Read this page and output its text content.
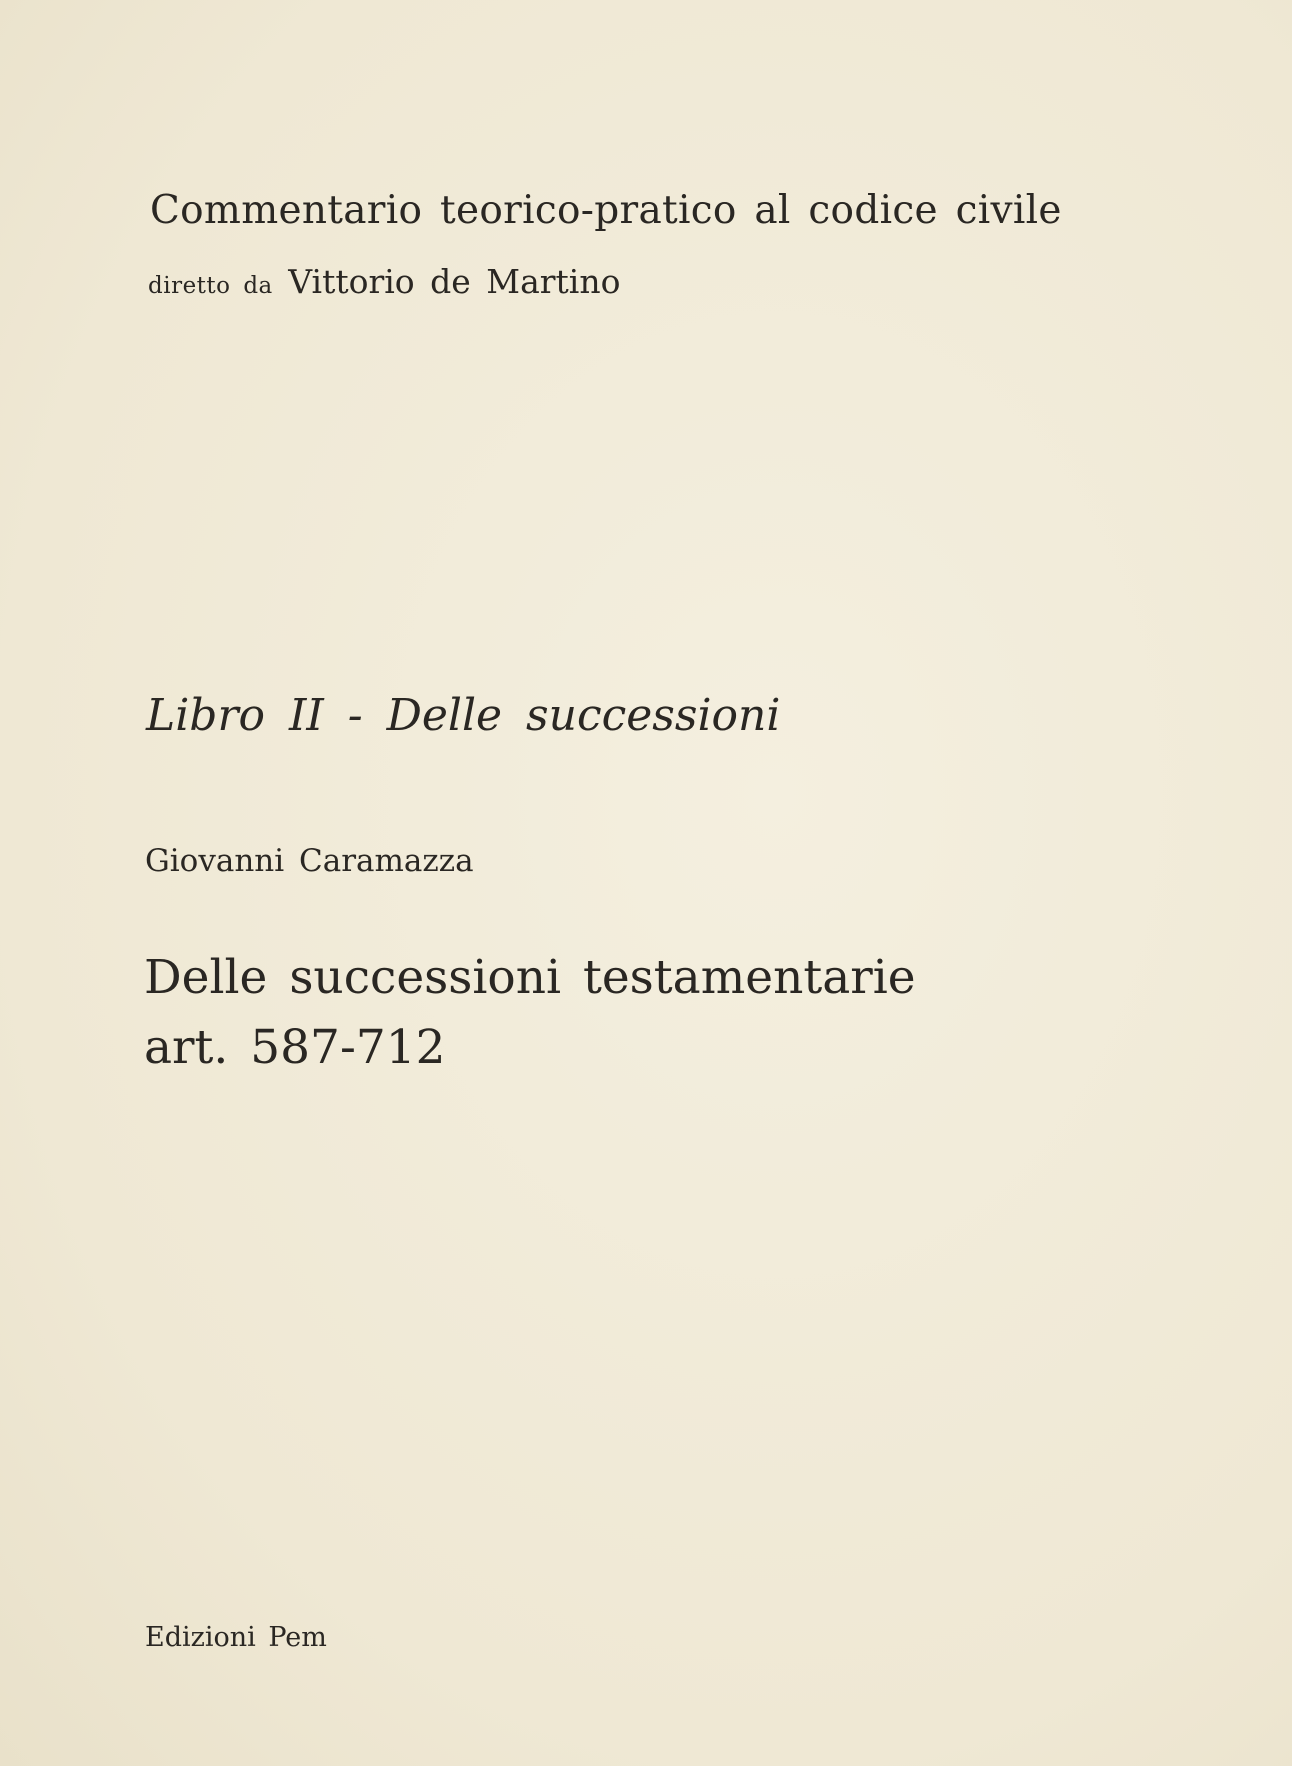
Commentario teorico-pratico al codice civile

diretto da Vittorio de Martino

Libro II - Delle successioni

Giovanni Caramazza

Delle successioni testamentarie

art. 587-712

Edizioni Pem
